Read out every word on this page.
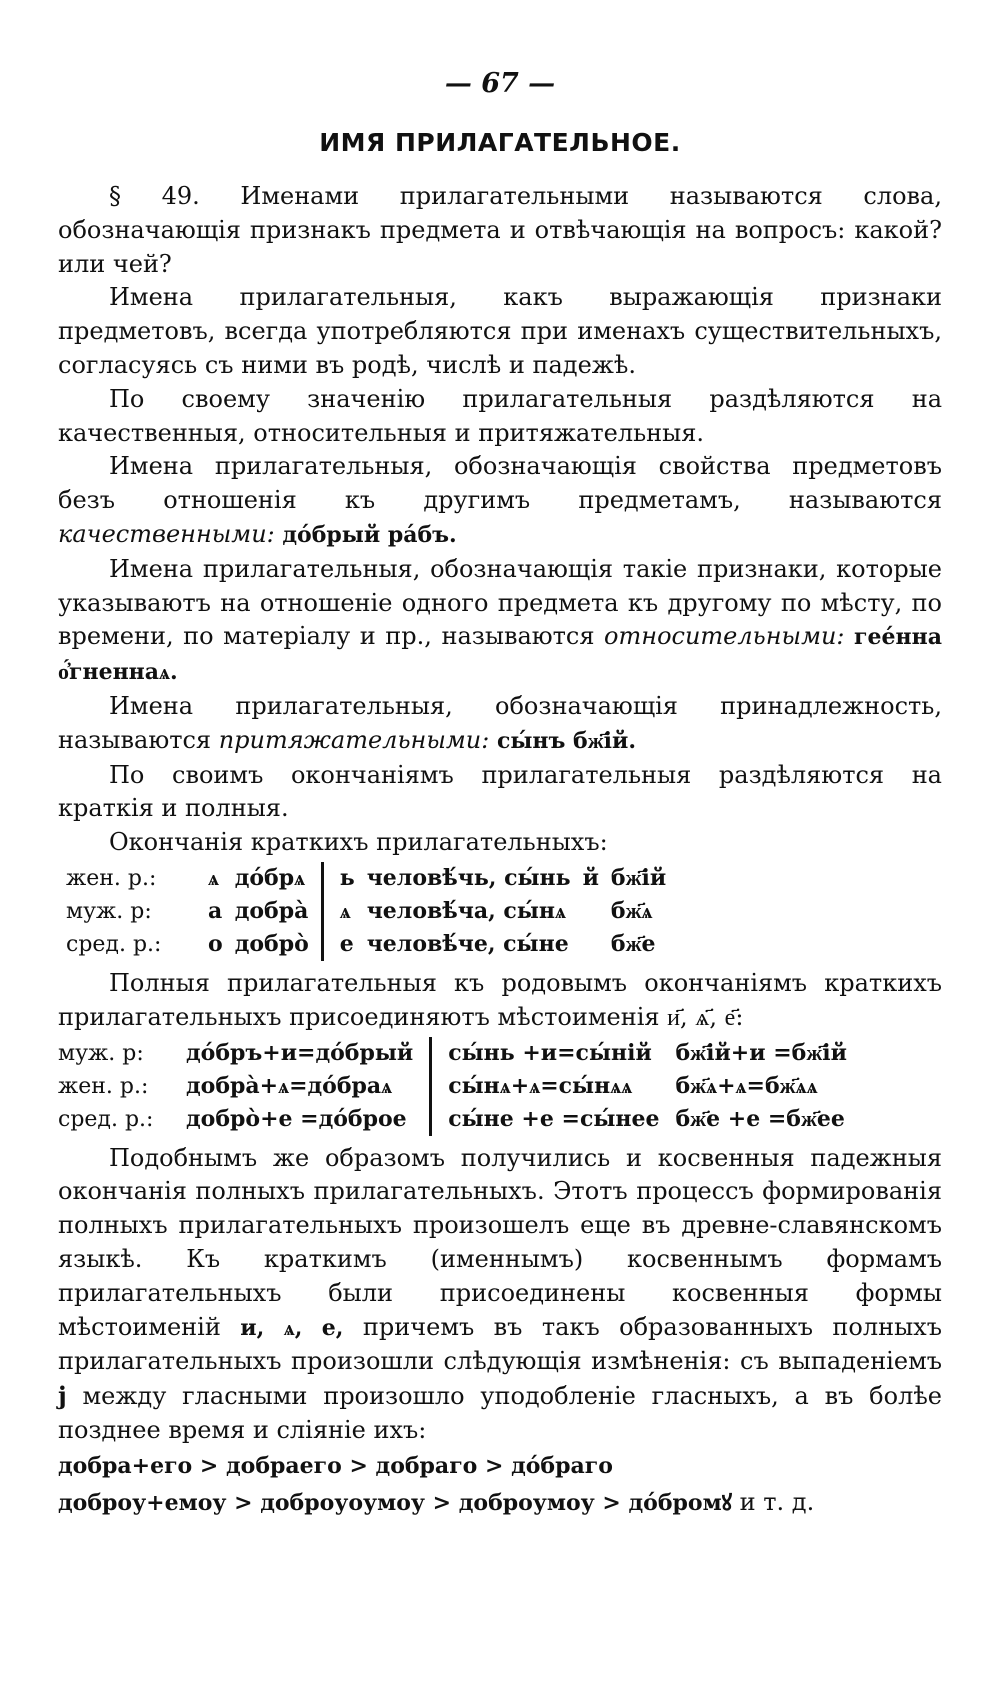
— 67 —
ИМЯ ПРИЛАГАТЕЛЬНОЕ.

§ 49. Именами прилагательными называются слова, обозначающія признакъ предмета и отвѣчающія на вопросъ: какой? или чей?

Имена прилагательныя, какъ выражающія признаки предметовъ, всегда употребляются при именахъ существительныхъ, согласуясь съ ними въ родѣ, числѣ и падежѣ.

По своему значенію прилагательныя раздѣляются на качественныя, относительныя и притяжательныя.

Имена прилагательныя, обозначающія свойства предметовъ безъ отношенія къ другимъ предметамъ, называются качественными: до́брый ра́бъ.

Имена прилагательныя, обозначающія такіе признаки, которые указываютъ на отношеніе одного предмета къ другому по мѣсту, по времени, по матеріалу и пр., называются относительными: гее́нна о҆́гненнаѧ.

Имена прилагательныя, обозначающія принадлежность, называются притяжательными: сы́нъ бж҃ій.

По своимъ окончаніямъ прилагательныя раздѣляются на краткія и полныя.

Окончанія краткихъ прилагательныхъ:

жен. р.:	ѧ	до́брѧ	ь	человѣ́чь, сы́нь	й	бж҃ій
муж. р:	а	добра̀	ѧ	человѣ́ча, сы́нѧ		бж҃ѧ
сред. р.:	о	добро̀	е	человѣ́че, сы́не		бж҃е

Полныя прилагательныя къ родовымъ окончаніямъ краткихъ прилагательныхъ присоединяютъ мѣстоименія и҃, ѧ҃, е҃:

муж. р:	до́бръ+и=до́брый	сы́нь +и=сы́ній	бж҃ій+и =бж҃ій
жен. р.:	добра̀+ѧ=до́браѧ	сы́нѧ+ѧ=сы́нѧѧ	бж҃ѧ+ѧ=бж҃ѧѧ
сред. р.:	добро̀+е =до́брое	сы́не +е =сы́нее	бж҃е +е =бж҃ее

Подобнымъ же образомъ получились и косвенныя падежныя окончанія полныхъ прилагательныхъ. Этотъ процессъ формированія полныхъ прилагательныхъ произошелъ еще въ древне-славянскомъ языкѣ. Къ краткимъ (именнымъ) косвеннымъ формамъ прилагательныхъ были присоединены косвенныя формы мѣстоименій и, ѧ, е, причемъ въ такъ образованныхъ полныхъ прилагательныхъ произошли слѣдующія измѣненія: съ выпаденіемъ j между гласными произошло уподобленіе гласныхъ, а въ болѣе позднее время и сліяніе ихъ:

добра+его > добраего > добраго > до́браго
доброу+емоу > доброуоумоу > доброумоу > до́бромꙋ и т. д.
